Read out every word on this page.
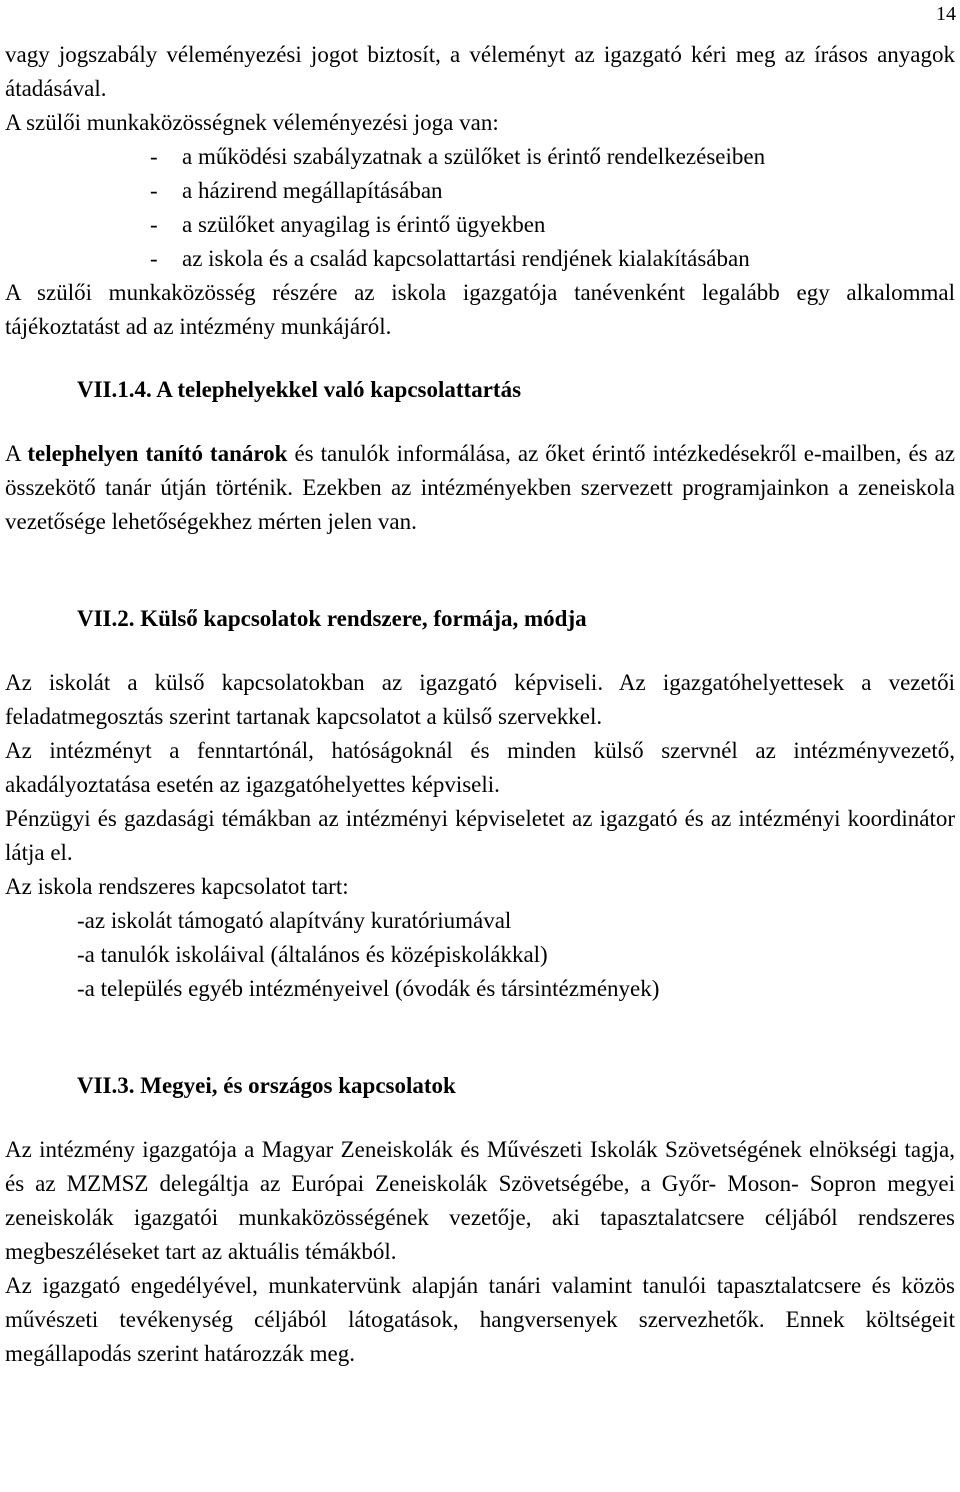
14

vagy jogszabály véleményezési jogot biztosít, a véleményt az igazgató kéri meg az írásos anyagok átadásával.

A szülői munkaközösségnek véleményezési joga van:

-	a működési szabályzatnak a szülőket is érintő rendelkezéseiben
-	a házirend megállapításában
-	a szülőket anyagilag is érintő ügyekben
-	az iskola és a család kapcsolattartási rendjének kialakításában

A szülői munkaközösség részére az iskola igazgatója tanévenként legalább egy alkalommal tájékoztatást ad az intézmény munkájáról.

VII.1.4. A telephelyekkel való kapcsolattartás

A telephelyen tanító tanárok és tanulók informálása, az őket érintő intézkedésekről e-mailben, és az összekötő tanár útján történik. Ezekben az intézményekben szervezett programjainkon a zeneiskola vezetősége lehetőségekhez mérten jelen van.

VII.2. Külső kapcsolatok rendszere, formája, módja

Az iskolát a külső kapcsolatokban az igazgató képviseli. Az igazgatóhelyettesek a vezetői feladatmegosztás szerint tartanak kapcsolatot a külső szervekkel.

Az intézményt a fenntartónál, hatóságoknál és minden külső szervnél az intézményvezető, akadályoztatása esetén az igazgatóhelyettes képviseli.

Pénzügyi és gazdasági témákban az intézményi képviseletet az igazgató és az intézményi koordinátor látja el.

Az iskola rendszeres kapcsolatot tart:

-az iskolát támogató alapítvány kuratóriumával
-a tanulók iskoláival (általános és középiskolákkal)
-a település egyéb intézményeivel (óvodák és társintézmények)

VII.3. Megyei, és országos kapcsolatok

Az intézmény igazgatója a Magyar Zeneiskolák és Művészeti Iskolák Szövetségének elnökségi tagja, és az MZMSZ delegáltja az Európai Zeneiskolák Szövetségébe, a Győr- Moson- Sopron megyei zeneiskolák igazgatói munkaközösségének vezetője, aki tapasztalatcsere céljából rendszeres megbeszéléseket tart az aktuális témákból.

Az igazgató engedélyével, munkatervünk alapján tanári valamint tanulói tapasztalatcsere és közös művészeti tevékenység céljából látogatások, hangversenyek szervezhetők. Ennek költségeit megállapodás szerint határozzák meg.
